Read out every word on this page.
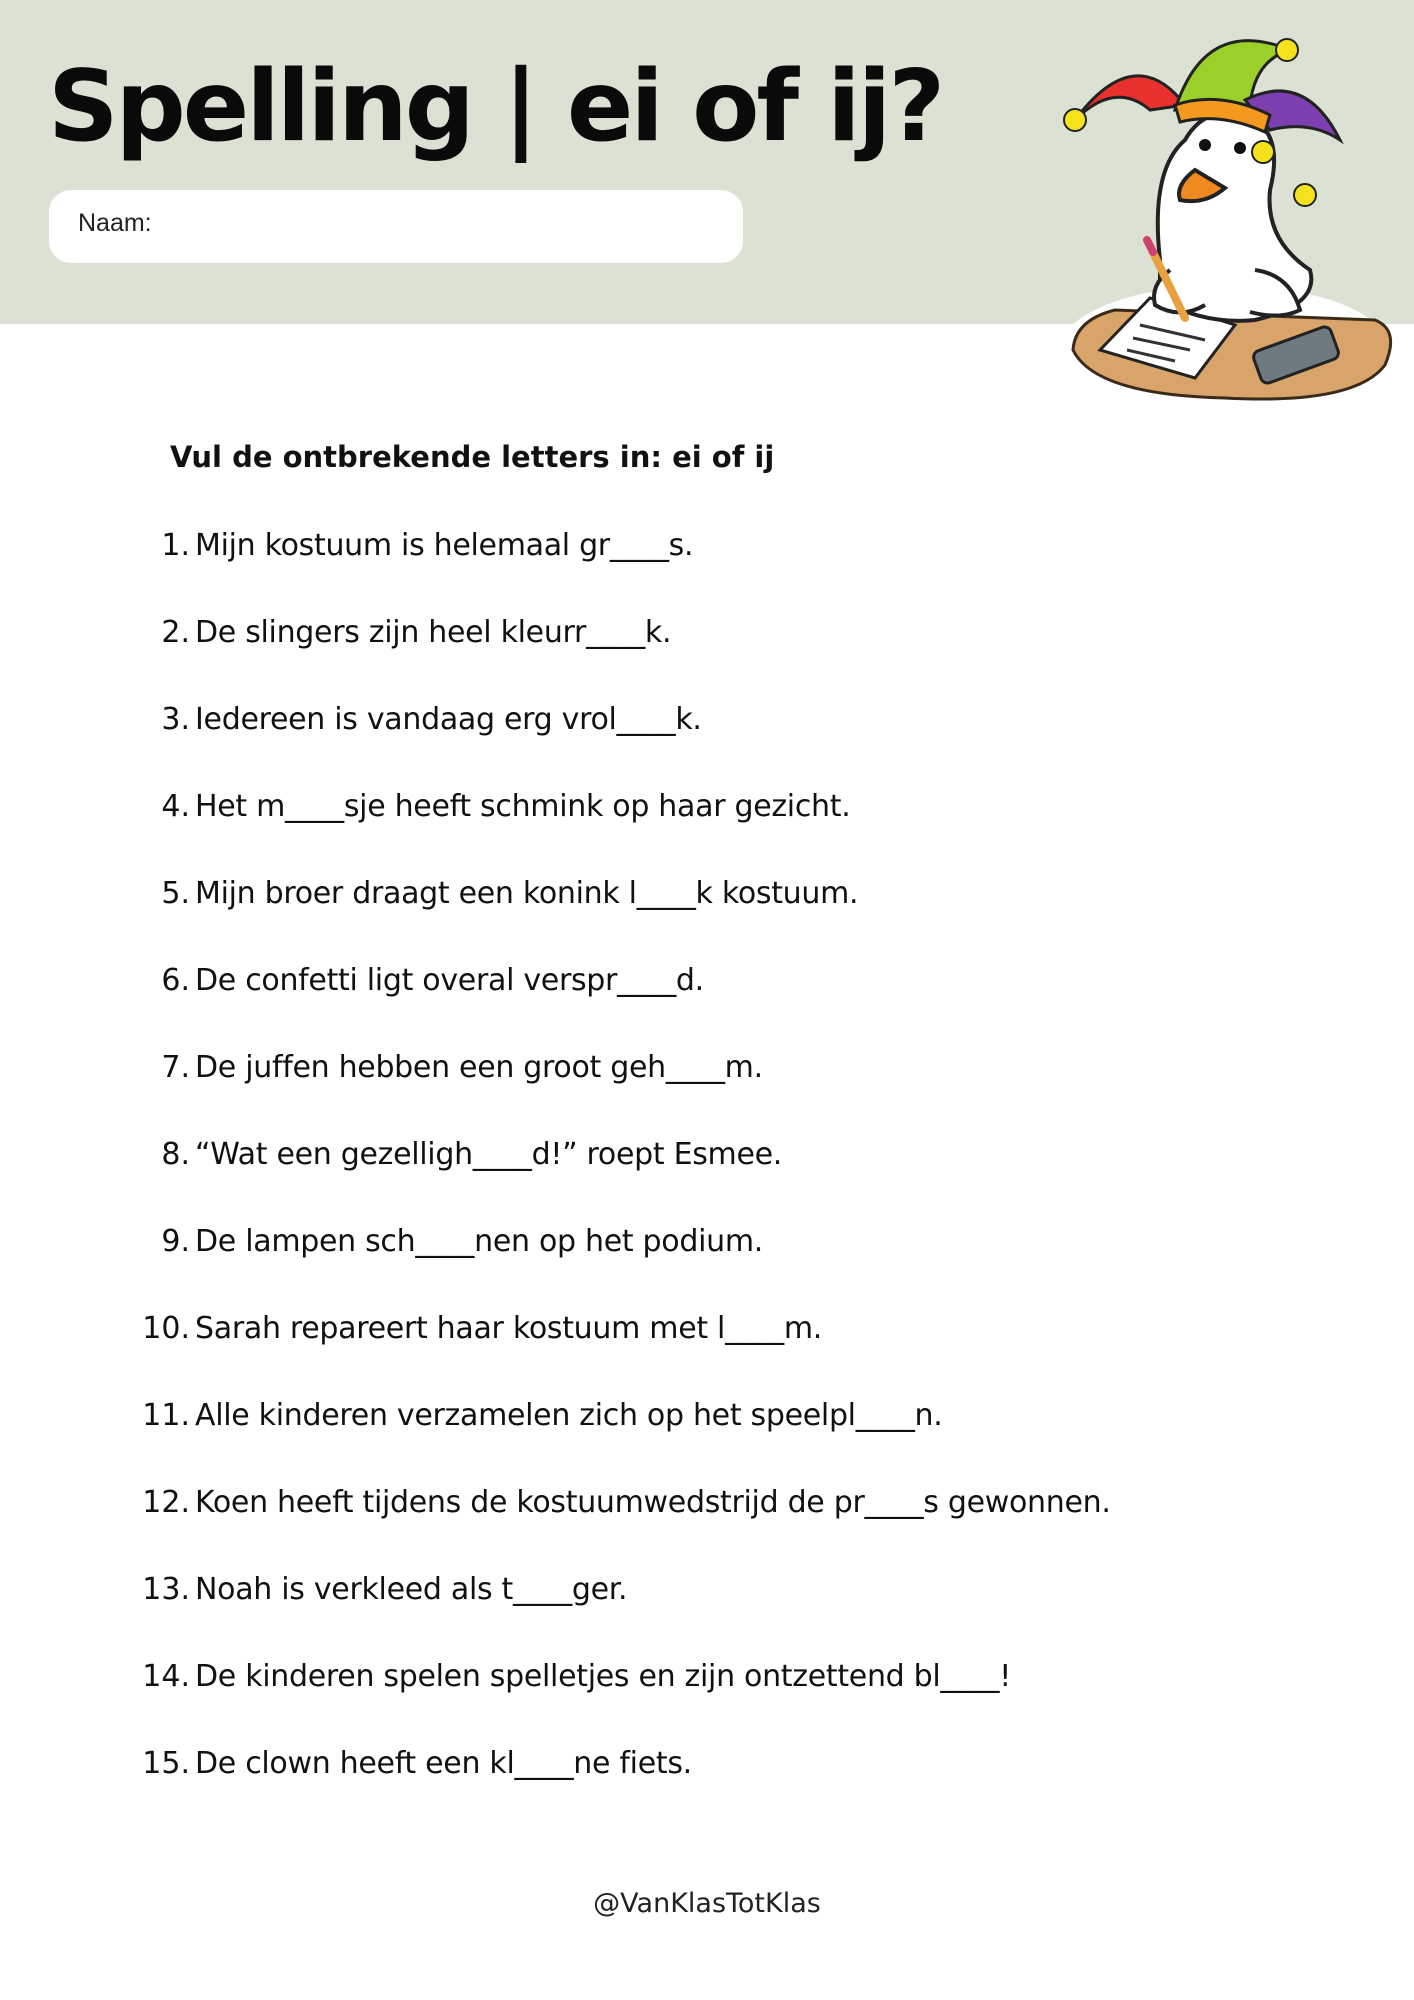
Spelling | ei of ij?
Naam:
Vul de ontbrekende letters in: ei of ij
1. Mijn kostuum is helemaal gr____s.
2. De slingers zijn heel kleurr____k.
3. Iedereen is vandaag erg vrol____k.
4. Het m____sje heeft schmink op haar gezicht.
5. Mijn broer draagt een konink l____k kostuum.
6. De confetti ligt overal verspr____d.
7. De juffen hebben een groot geh____m.
8. “Wat een gezelligh____d!” roept Esmee.
9. De lampen sch____nen op het podium.
10. Sarah repareert haar kostuum met l____m.
11. Alle kinderen verzamelen zich op het speelpl____n.
12. Koen heeft tijdens de kostuumwedstrijd de pr____s gewonnen.
13. Noah is verkleed als t____ger.
14. De kinderen spelen spelletjes en zijn ontzettend bl____!
15. De clown heeft een kl____ne fiets.
@VanKlasTotKlas
